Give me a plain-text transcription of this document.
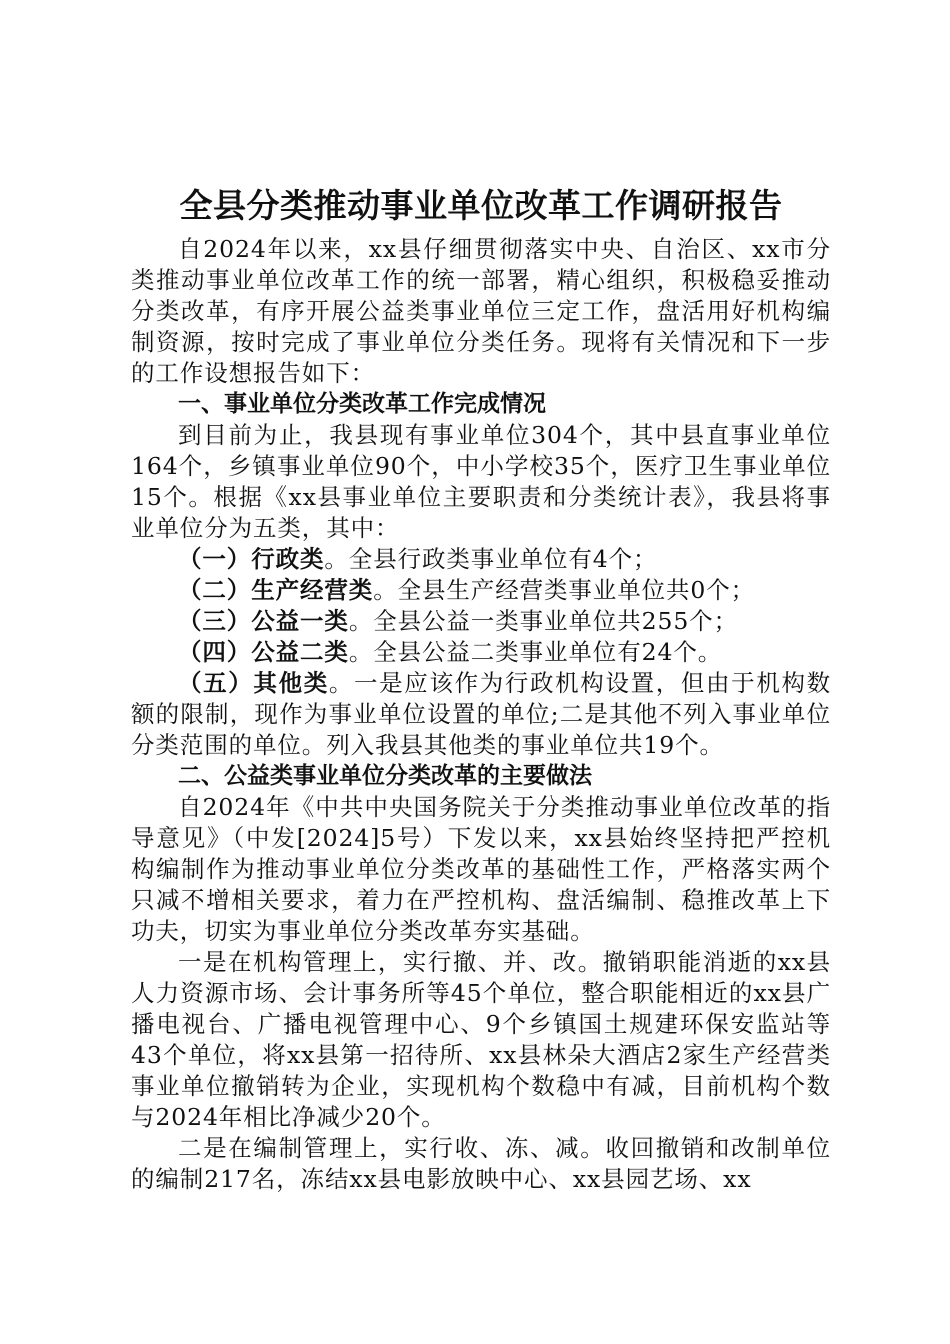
全县分类推动事业单位改革工作调研报告

自2024年以来，xx县仔细贯彻落实中央、自治区、xx市分类推动事业单位改革工作的统一部署，精心组织，积极稳妥推动分类改革，有序开展公益类事业单位三定工作，盘活用好机构编制资源，按时完成了事业单位分类任务。现将有关情况和下一步的工作设想报告如下：

一、事业单位分类改革工作完成情况

到目前为止，我县现有事业单位304个，其中县直事业单位164个，乡镇事业单位90个，中小学校35个，医疗卫生事业单位15个。根据《xx县事业单位主要职责和分类统计表》，我县将事业单位分为五类，其中：

（一）行政类。全县行政类事业单位有4个；

（二）生产经营类。全县生产经营类事业单位共0个；

（三）公益一类。全县公益一类事业单位共255个；

（四）公益二类。全县公益二类事业单位有24个。

（五）其他类。一是应该作为行政机构设置，但由于机构数额的限制，现作为事业单位设置的单位;二是其他不列入事业单位分类范围的单位。列入我县其他类的事业单位共19个。

二、公益类事业单位分类改革的主要做法

自2024年《中共中央国务院关于分类推动事业单位改革的指导意见》（中发[2024]5号）下发以来，xx县始终坚持把严控机构编制作为推动事业单位分类改革的基础性工作，严格落实两个只减不增相关要求，着力在严控机构、盘活编制、稳推改革上下功夫，切实为事业单位分类改革夯实基础。

一是在机构管理上，实行撤、并、改。撤销职能消逝的xx县人力资源市场、会计事务所等45个单位，整合职能相近的xx县广播电视台、广播电视管理中心、9个乡镇国土规建环保安监站等43个单位，将xx县第一招待所、xx县林朵大酒店2家生产经营类事业单位撤销转为企业，实现机构个数稳中有减，目前机构个数与2024年相比净减少20个。

二是在编制管理上，实行收、冻、减。收回撤销和改制单位的编制217名，冻结xx县电影放映中心、xx县园艺场、xx
